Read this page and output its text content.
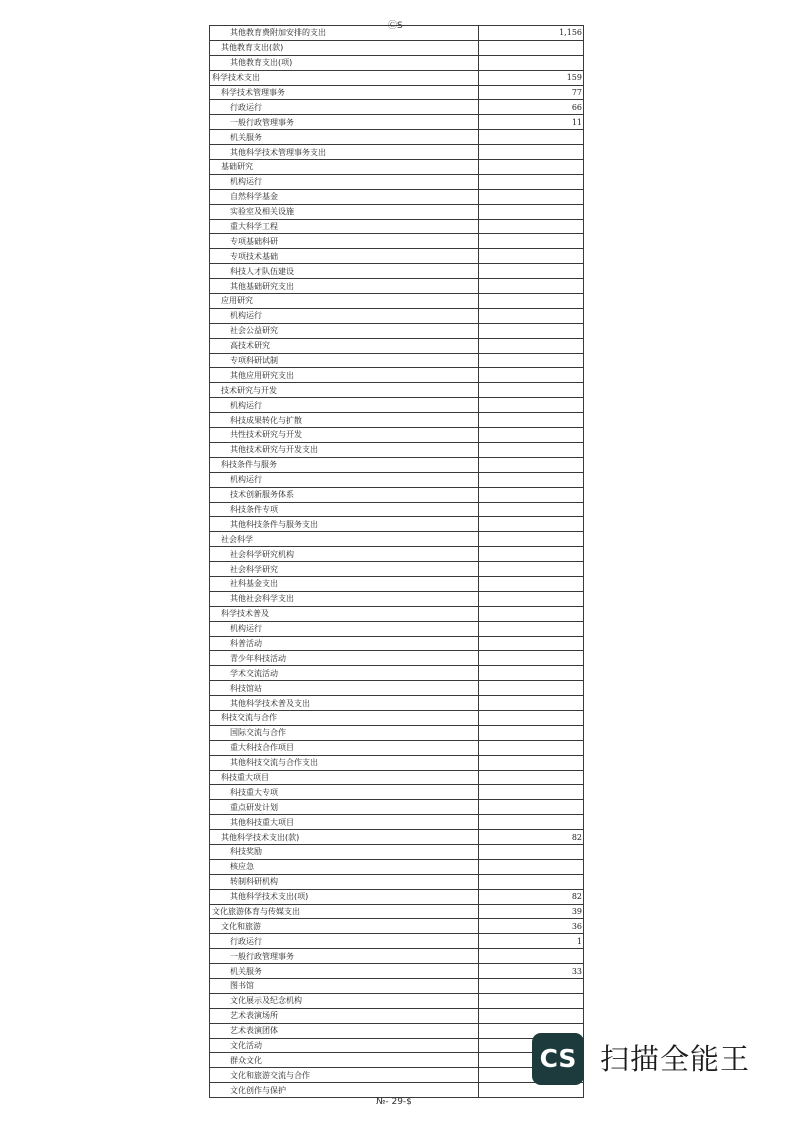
ⒸS
其他教育费附加安排的支出	1,156
其他教育支出(款)	
其他教育支出(项)	
科学技术支出	159
科学技术管理事务	77
行政运行	66
一般行政管理事务	11
机关服务	
其他科学技术管理事务支出	
基础研究	
机构运行	
自然科学基金	
实验室及相关设施	
重大科学工程	
专项基础科研	
专项技术基础	
科技人才队伍建设	
其他基础研究支出	
应用研究	
机构运行	
社会公益研究	
高技术研究	
专项科研试制	
其他应用研究支出	
技术研究与开发	
机构运行	
科技成果转化与扩散	
共性技术研究与开发	
其他技术研究与开发支出	
科技条件与服务	
机构运行	
技术创新服务体系	
科技条件专项	
其他科技条件与服务支出	
社会科学	
社会科学研究机构	
社会科学研究	
社科基金支出	
其他社会科学支出	
科学技术普及	
机构运行	
科普活动	
青少年科技活动	
学术交流活动	
科技馆站	
其他科学技术普及支出	
科技交流与合作	
国际交流与合作	
重大科技合作项目	
其他科技交流与合作支出	
科技重大项目	
科技重大专项	
重点研发计划	
其他科技重大项目	
其他科学技术支出(款)	82
科技奖励	
核应急	
转制科研机构	
其他科学技术支出(项)	82
文化旅游体育与传媒支出	39
文化和旅游	36
行政运行	1
一般行政管理事务	
机关服务	33
图书馆	
文化展示及纪念机构	
艺术表演场所	
艺术表演团体	
文化活动	
群众文化	
文化和旅游交流与合作	
文化创作与保护	
№- 29-$
CS 扫描全能王
